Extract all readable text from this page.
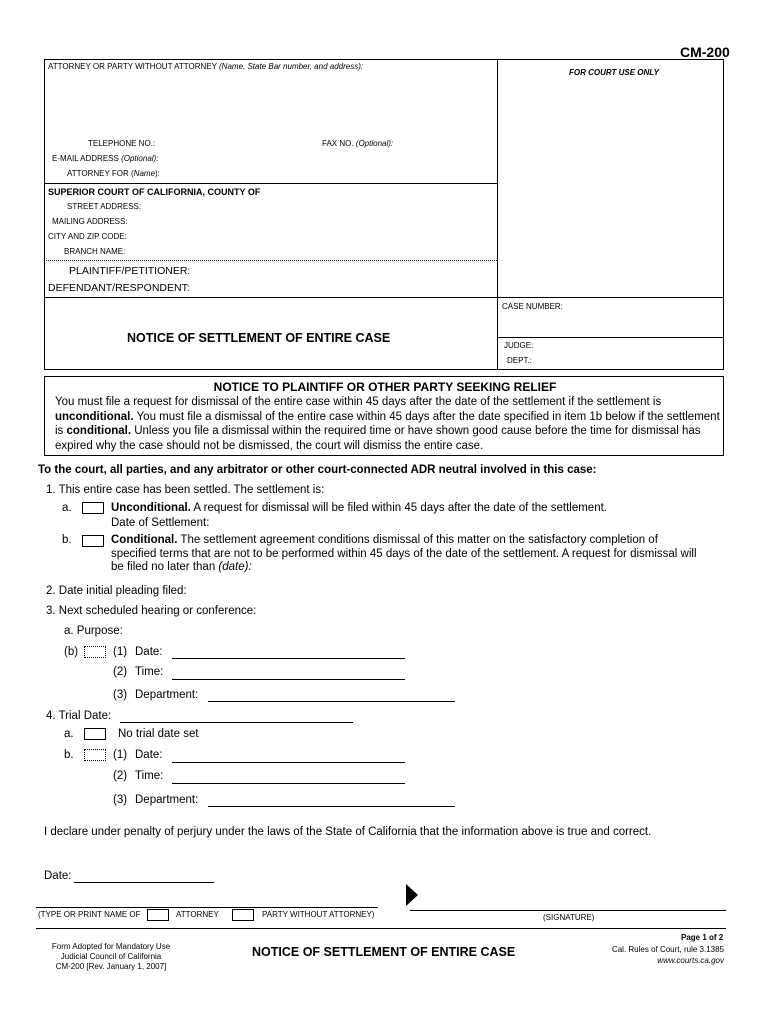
CM-200
ATTORNEY OR PARTY WITHOUT ATTORNEY (Name, State Bar number, and address):
FOR COURT USE ONLY
TELEPHONE NO.:	FAX NO. (Optional):
E-MAIL ADDRESS (Optional):
ATTORNEY FOR (Name):
SUPERIOR COURT OF CALIFORNIA, COUNTY OF
STREET ADDRESS:
MAILING ADDRESS:
CITY AND ZIP CODE:
BRANCH NAME:
PLAINTIFF/PETITIONER:
DEFENDANT/RESPONDENT:
CASE NUMBER:
NOTICE OF SETTLEMENT OF ENTIRE CASE
JUDGE:
DEPT.:
NOTICE TO PLAINTIFF OR OTHER PARTY SEEKING RELIEF

You must file a request for dismissal of the entire case within 45 days after the date of the settlement if the settlement is

unconditional. You must file a dismissal of the entire case within 45 days after the date specified in item 1b below if the settlement

is conditional. Unless you file a dismissal within the required time or have shown good cause before the time for dismissal has

expired why the case should not be dismissed, the court will dismiss the entire case.

To the court, all parties, and any arbitrator or other court-connected ADR neutral involved in this case:
1. This entire case has been settled. The settlement is:
a.	Unconditional. A request for dismissal will be filed within 45 days after the date of the settlement.
Date of Settlement:
b.	Conditional. The settlement agreement conditions dismissal of this matter on the satisfactory completion of

specified terms that are not to be performed within 45 days of the date of the settlement. A request for dismissal will

be filed no later than (date):

2. Date initial pleading filed:
3. Next scheduled hearing or conference:
a. Purpose:
(b)	(1) Date:
(2) Time:
(3) Department:
4. Trial Date:
a.	No trial date set
b.	(1) Date:
(2) Time:
(3) Department:
I declare under penalty of perjury under the laws of the State of California that the information above is true and correct.
Date:
(TYPE OR PRINT NAME OF	ATTORNEY	PARTY WITHOUT ATTORNEY)	(SIGNATURE)
Page 1 of 2
Form Adopted for Mandatory Use
Judicial Council of California
CM-200 [Rev. January 1, 2007]
NOTICE OF SETTLEMENT OF ENTIRE CASE	Cal. Rules of Court, rule 3.1385
www.courts.ca.gov
